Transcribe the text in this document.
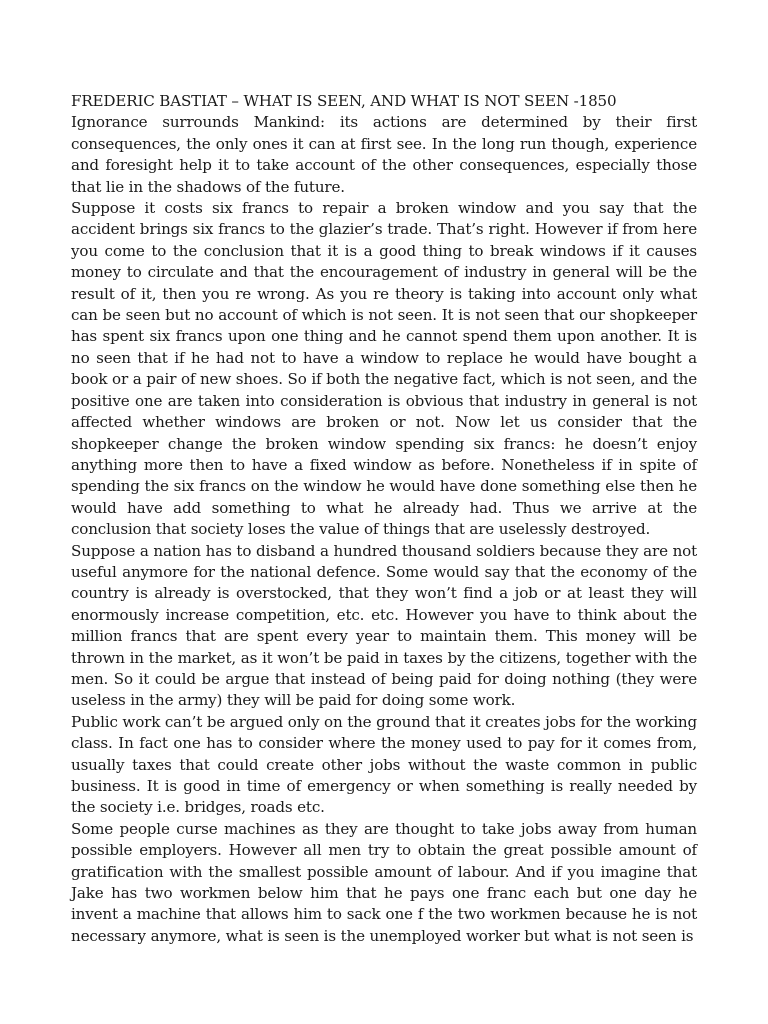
FREDERIC BASTIAT – WHAT IS SEEN, AND WHAT IS NOT SEEN -1850

Ignorance surrounds Mankind: its actions are determined by their first consequences, the only ones it can at first see. In the long run though, experience and foresight help it to take account of the other consequences, especially those that lie in the shadows of the future.

Suppose it costs six francs to repair a broken window and you say that the accident brings six francs to the glazier’s trade. That’s right. However if from here you come to the conclusion that it is a good thing to break windows if it causes money to circulate and that the encouragement of industry in general will be the result of it, then you re wrong. As you re theory is taking into account only what can be seen but no account of which is not seen. It is not seen that our shopkeeper has spent six francs upon one thing and he cannot spend them upon another. It is no seen that if he had not to have a window to replace he would have bought a book or a pair of new shoes. So if both the negative fact, which is not seen, and the positive one are taken into consideration is obvious that industry in general is not affected whether windows are broken or not. Now let us consider that the shopkeeper change the broken window spending six francs: he doesn’t enjoy anything more then to have a fixed window as before. Nonetheless if in spite of spending the six francs on the window he would have done something else then he would have add something to what he already had. Thus we arrive at the conclusion that society loses the value of things that are uselessly destroyed.

Suppose a nation has to disband a hundred thousand soldiers because they are not useful anymore for the national defence. Some would say that the economy of the country is already is overstocked, that they won’t find a job or at least they will enormously increase competition, etc. etc. However you have to think about the million francs that are spent every year to maintain them. This money will be thrown in the market, as it won’t be paid in taxes by the citizens, together with the men. So it could be argue that instead of being paid for doing nothing (they were useless in the army) they will be paid for doing some work.

Public work can’t be argued only on the ground that it creates jobs for the working class. In fact one has to consider where the money used to pay for it comes from, usually taxes that could create other jobs without the waste common in public business. It is good in time of emergency or when something is really needed by the society i.e. bridges, roads etc.

Some people curse machines as they are thought to take jobs away from human possible employers. However all men try to obtain the great possible amount of gratification with the smallest possible amount of labour. And if you imagine that Jake has two workmen below him that he pays one franc each but one day he invent a machine that allows him to sack one f the two workmen because he is not necessary anymore, what is seen is the unemployed worker but what is not seen is
